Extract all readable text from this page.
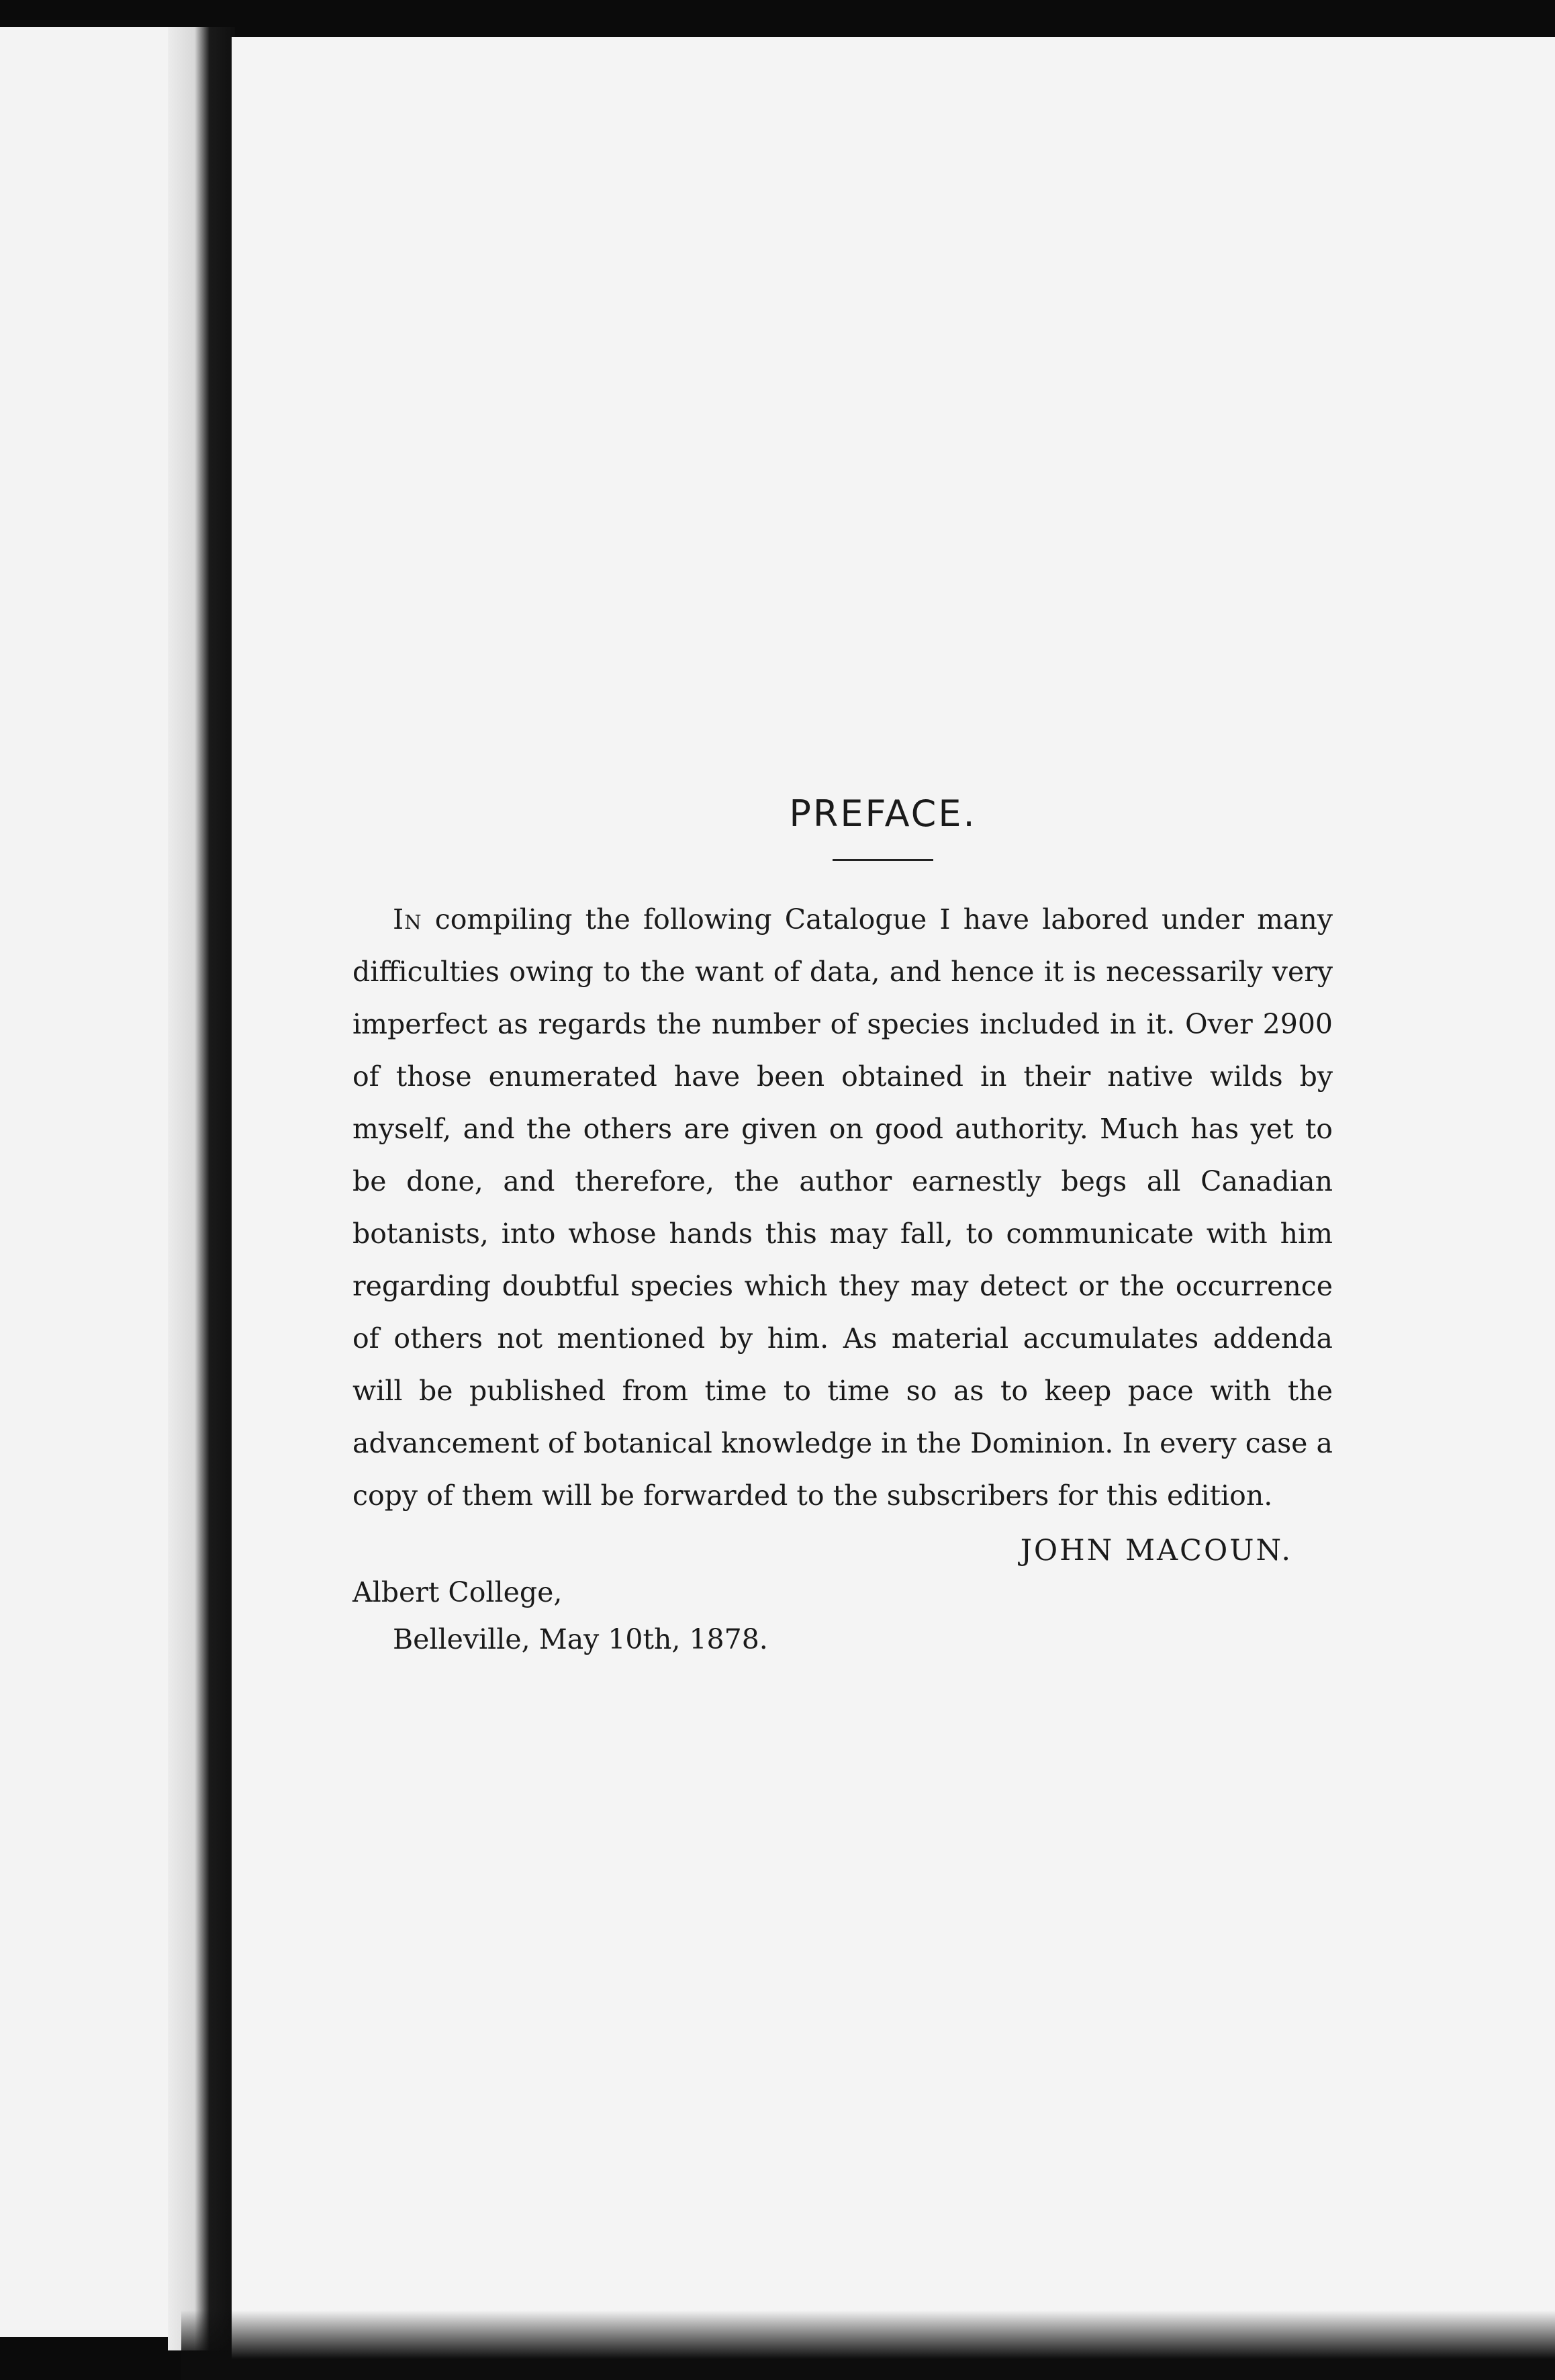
PREFACE.

In compiling the following Catalogue I have labored under many difficulties owing to the want of data, and hence it is necessarily very imperfect as regards the number of species included in it. Over 2900 of those enumerated have been obtained in their native wilds by myself, and the others are given on good authority. Much has yet to be done, and therefore, the author earnestly begs all Canadian botanists, into whose hands this may fall, to communicate with him regarding doubtful species which they may detect or the occurrence of others not mentioned by him. As material accumulates addenda will be published from time to time so as to keep pace with the advancement of botanical knowledge in the Dominion. In every case a copy of them will be forwarded to the subscribers for this edition.

JOHN MACOUN.
Albert College,
Belleville, May 10th, 1878.
